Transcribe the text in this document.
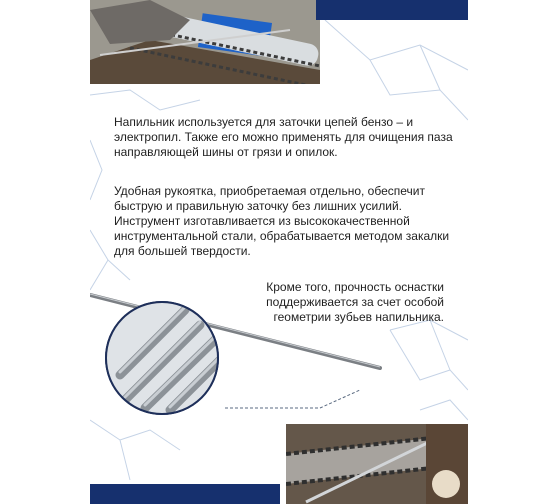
Напильник используется для заточки цепей бензо – и электропил. Также его можно применять для очищения паза направляющей шины от грязи и опилок.

Удобная рукоятка, приобретаемая отдельно, обеспечит быструю и правильную заточку без лишних усилий. Инструмент изготавливается из высококачественной инструментальной стали, обрабатывается методом закалки для большей твердости.

Кроме того, прочность оснастки поддерживается за счет особой геометрии зубьев напильника.
